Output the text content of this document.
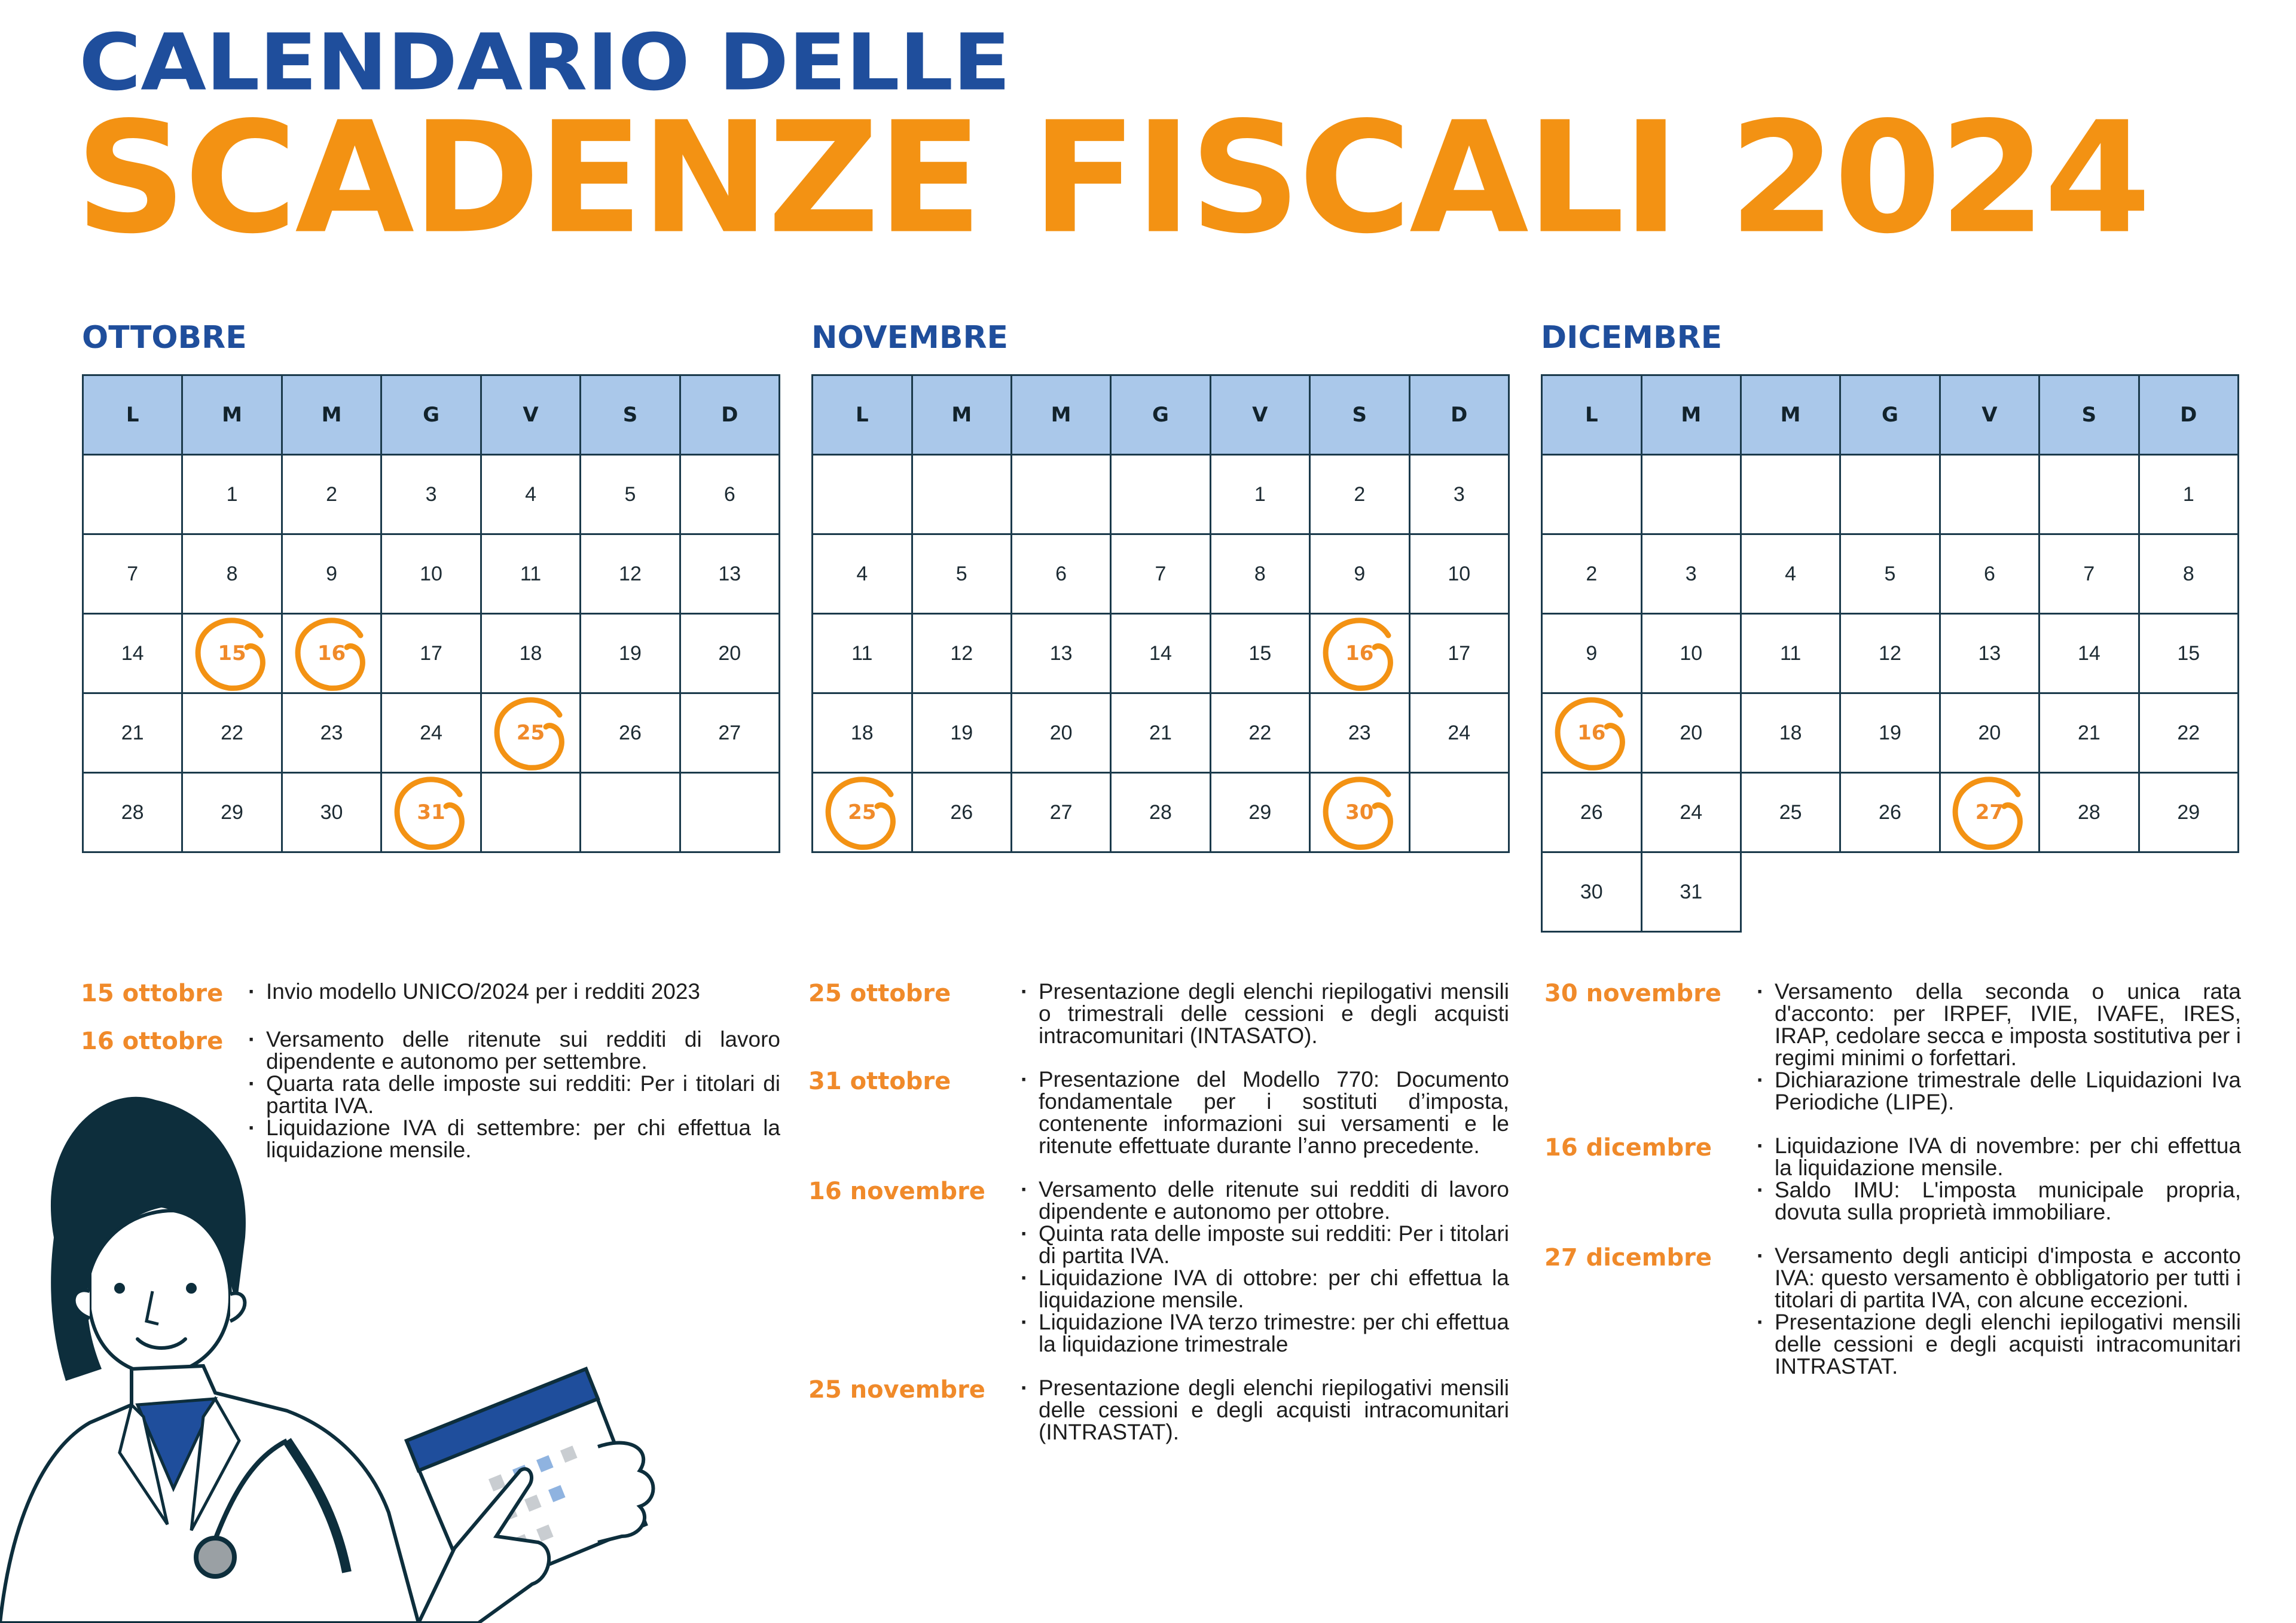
CALENDARIO DELLE
SCADENZE FISCALI 2024
OTTOBRE
L	M	M	G	V	S	D
	1	2	3	4	5	6
7	8	9	10	11	12	13
14	15	16	17	18	19	20
21	22	23	24	25	26	27
28	29	30	31			
NOVEMBRE
L	M	M	G	V	S	D
				1	2	3
4	5	6	7	8	9	10
11	12	13	14	15	16	17
18	19	20	21	22	23	24

25	26	27	28	29	30	
DICEMBRE
L	M	M	G	V	S	D
						1
2	3	4	5	6	7	8
9	10	11	12	13	14	15

16	20	18	19	20	21	22
26	24	25	26	27	28	29
30	31					
15 ottobre	· Invio modello UNICO/2024 per i redditi 2023
16 ottobre	· Versamento delle ritenute sui redditi di lavoro dipendente e autonomo per settembre.
· Quarta rata delle imposte sui redditi: Per i titolari di partita IVA.
· Liquidazione IVA di settembre: per chi effettua la liquidazione mensile.
25 ottobre	· Presentazione degli elenchi riepilogativi mensili o trimestrali delle cessioni e degli acquisti intracomunitari (INTASATO).
31 ottobre	· Presentazione del Modello 770: Documento fondamentale per i sostituti d’imposta, contenente informazioni sui versamenti e le ritenute effettuate durante l’anno precedente.
16 novembre	· Versamento delle ritenute sui redditi di lavoro dipendente e autonomo per ottobre.
· Quinta rata delle imposte sui redditi: Per i titolari di partita IVA.
· Liquidazione IVA di ottobre: per chi effettua la liquidazione mensile.
· Liquidazione IVA terzo trimestre: per chi effettua la liquidazione trimestrale
25 novembre	· Presentazione degli elenchi riepilogativi mensili delle cessioni e degli acquisti intracomunitari (INTRASTAT).
30 novembre	· Versamento della seconda o unica rata d'acconto: per IRPEF, IVIE, IVAFE, IRES, IRAP, cedolare secca e imposta sostitutiva per i regimi minimi o forfettari.
· Dichiarazione trimestrale delle Liquidazioni Iva Periodiche (LIPE).
16 dicembre	· Liquidazione IVA di novembre: per chi effettua la liquidazione mensile.
· Saldo IMU: L'imposta municipale propria, dovuta sulla proprietà immobiliare.
27 dicembre	· Versamento degli anticipi d'imposta e acconto IVA: questo versamento è obbligatorio per tutti i titolari di partita IVA, con alcune eccezioni.
· Presentazione degli elenchi iepilogativi mensili delle cessioni e degli acquisti intracomunitari INTRASTAT.
